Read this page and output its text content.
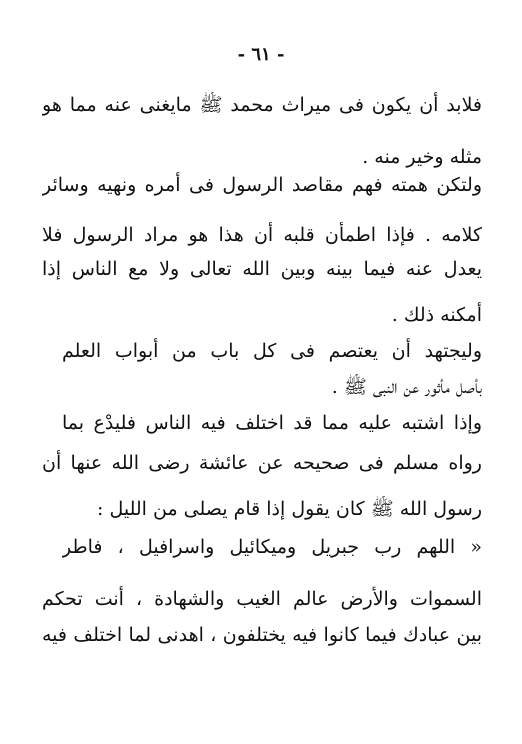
- ٦١ -
فلابد أن يكون فى ميراث محمد ﷺ مايغنى عنه مما هو
مثله وخير منه .
ولتكن همته فهم مقاصد الرسول فى أمره ونهيه وسائر
كلامه . فإذا اطمأن قلبه أن هذا هو مراد الرسول فلا
يعدل عنه فيما بينه وبين الله تعالى ولا مع الناس إذا
أمكنه ذلك .
وليجتهد أن يعتصم فى كل باب من أبواب العلم
بأصل مأثور عن النبى ﷺ .
وإذا اشتبه عليه مما قد اختلف فيه الناس فليدْع بما
رواه مسلم فى صحيحه عن عائشة رضى الله عنها أن
رسول الله ﷺ كان يقول إذا قام يصلى من الليل :
« اللهم رب جبريل وميكائيل واسرافيل ، فاطر
السموات والأرض عالم الغيب والشهادة ، أنت تحكم
بين عبادك فيما كانوا فيه يختلفون ، اهدنى لما اختلف فيه
